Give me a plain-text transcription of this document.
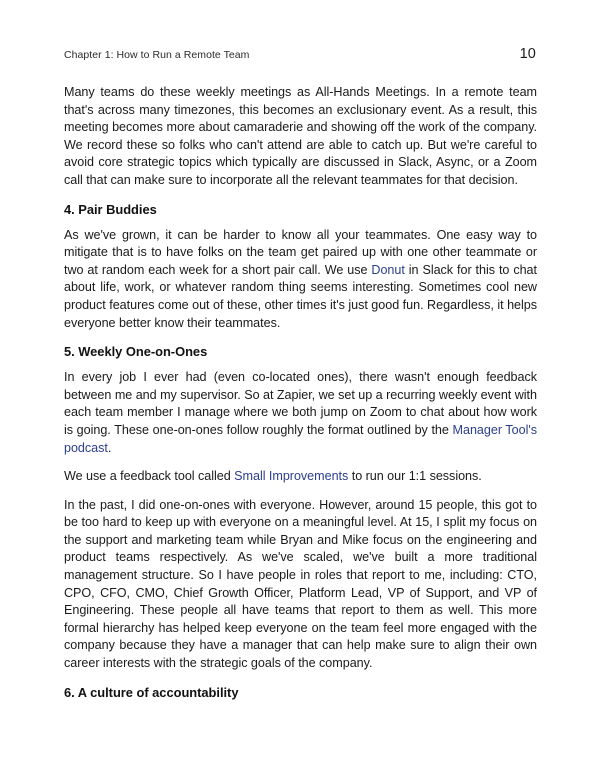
Chapter 1: How to Run a Remote Team	10

Many teams do these weekly meetings as All-Hands Meetings. In a remote team that's across many timezones, this becomes an exclusionary event. As a result, this meeting becomes more about camaraderie and showing off the work of the company. We record these so folks who can't attend are able to catch up. But we're careful to avoid core strategic topics which typically are discussed in Slack, Async, or a Zoom call that can make sure to incorporate all the relevant teammates for that decision.

4. Pair Buddies

As we've grown, it can be harder to know all your teammates. One easy way to mitigate that is to have folks on the team get paired up with one other teammate or two at random each week for a short pair call. We use Donut in Slack for this to chat about life, work, or whatever random thing seems interesting. Sometimes cool new product features come out of these, other times it's just good fun. Regardless, it helps everyone better know their teammates.

5. Weekly One-on-Ones

In every job I ever had (even co-located ones), there wasn't enough feedback between me and my supervisor. So at Zapier, we set up a recurring weekly event with each team member I manage where we both jump on Zoom to chat about how work is going. These one-on-ones follow roughly the format outlined by the Manager Tool's podcast.

We use a feedback tool called Small Improvements to run our 1:1 sessions.

In the past, I did one-on-ones with everyone. However, around 15 people, this got to be too hard to keep up with everyone on a meaningful level. At 15, I split my focus on the support and marketing team while Bryan and Mike focus on the engineering and product teams respectively. As we've scaled, we've built a more traditional management structure. So I have people in roles that report to me, including: CTO, CPO, CFO, CMO, Chief Growth Officer, Platform Lead, VP of Support, and VP of Engineering. These people all have teams that report to them as well. This more formal hierarchy has helped keep everyone on the team feel more engaged with the company because they have a manager that can help make sure to align their own career interests with the strategic goals of the company.

6. A culture of accountability
